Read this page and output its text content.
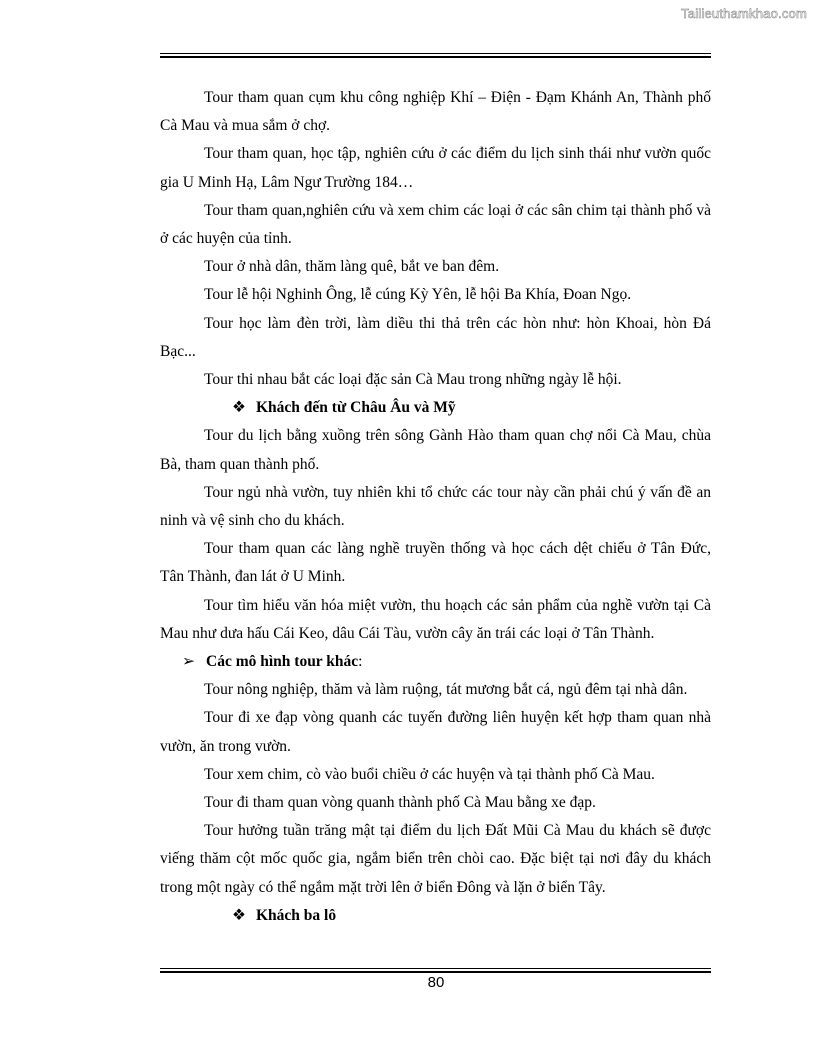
Tailieuthamkhao.com

Tour tham quan cụm khu công nghiệp Khí – Điện - Đạm Khánh An, Thành phố Cà Mau và mua sắm ở chợ.

Tour tham quan, học tập, nghiên cứu ở các điểm du lịch sinh thái như vườn quốc gia U Minh Hạ, Lâm Ngư Trường 184…

Tour tham quan,nghiên cứu và xem chim các loại ở các sân chim tại thành phố và ở các huyện của tỉnh.

Tour ở nhà dân, thăm làng quê, bắt ve ban đêm.

Tour lễ hội Nghinh Ông, lễ cúng Kỳ Yên, lễ hội Ba Khía, Đoan Ngọ.

Tour học làm đèn trời, làm diều thi thả trên các hòn như: hòn Khoai, hòn Đá Bạc...

Tour thi nhau bắt các loại đặc sản Cà Mau trong những ngày lễ hội.

❖ Khách đến từ Châu Âu và Mỹ

Tour du lịch bằng xuồng trên sông Gành Hào tham quan chợ nổi Cà Mau, chùa Bà, tham quan thành phố.

Tour ngủ nhà vườn, tuy nhiên khi tổ chức các tour này cần phải chú ý vấn đề an ninh và vệ sinh cho du khách.

Tour tham quan các làng nghề truyền thống và học cách dệt chiếu ở Tân Đức, Tân Thành, đan lát ở U Minh.

Tour tìm hiểu văn hóa miệt vườn, thu hoạch các sản phẩm của nghề vườn tại Cà Mau như dưa hấu Cái Keo, dâu Cái Tàu, vườn cây ăn trái các loại ở Tân Thành.

➢ Các mô hình tour khác:

Tour nông nghiệp, thăm và làm ruộng, tát mương bắt cá, ngủ đêm tại nhà dân.

Tour đi xe đạp vòng quanh các tuyến đường liên huyện kết hợp tham quan nhà vườn, ăn trong vườn.

Tour xem chim, cò vào buổi chiều ở các huyện và tại thành phố Cà Mau.

Tour đi tham quan vòng quanh thành phố Cà Mau bằng xe đạp.

Tour hưởng tuần trăng mật tại điểm du lịch Đất Mũi Cà Mau du khách sẽ được viếng thăm cột mốc quốc gia, ngắm biển trên chòi cao. Đặc biệt tại nơi đây du khách trong một ngày có thể ngắm mặt trời lên ở biển Đông và lặn ở biển Tây.

❖ Khách ba lô

80
